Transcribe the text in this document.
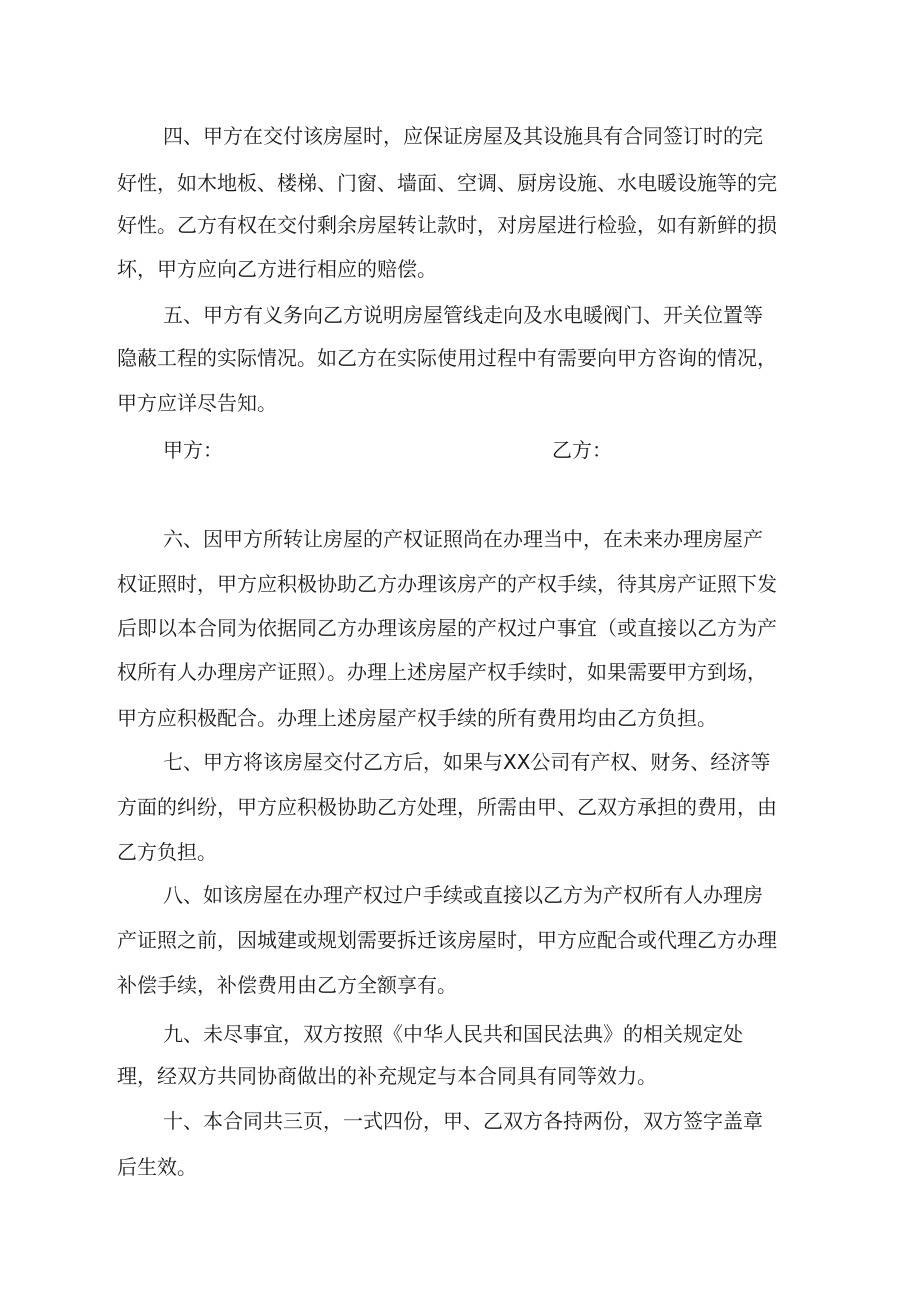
四、甲方在交付该房屋时，应保证房屋及其设施具有合同签订时的完
好性，如木地板、楼梯、门窗、墙面、空调、厨房设施、水电暖设施等的完
好性。乙方有权在交付剩余房屋转让款时，对房屋进行检验，如有新鲜的损
坏，甲方应向乙方进行相应的赔偿。
五、甲方有义务向乙方说明房屋管线走向及水电暖阀门、开关位置等
隐蔽工程的实际情况。如乙方在实际使用过程中有需要向甲方咨询的情况，
甲方应详尽告知。
甲方：	乙方：
六、因甲方所转让房屋的产权证照尚在办理当中，在未来办理房屋产
权证照时，甲方应积极协助乙方办理该房产的产权手续，待其房产证照下发
后即以本合同为依据同乙方办理该房屋的产权过户事宜（或直接以乙方为产
权所有人办理房产证照）。办理上述房屋产权手续时，如果需要甲方到场，
甲方应积极配合。办理上述房屋产权手续的所有费用均由乙方负担。
七、甲方将该房屋交付乙方后，如果与XX公司有产权、财务、经济等
方面的纠纷，甲方应积极协助乙方处理，所需由甲、乙双方承担的费用，由
乙方负担。
八、如该房屋在办理产权过户手续或直接以乙方为产权所有人办理房
产证照之前，因城建或规划需要拆迁该房屋时，甲方应配合或代理乙方办理
补偿手续，补偿费用由乙方全额享有。
九、未尽事宜，双方按照《中华人民共和国民法典》的相关规定处
理，经双方共同协商做出的补充规定与本合同具有同等效力。
十、本合同共三页，一式四份，甲、乙双方各持两份，双方签字盖章
后生效。
